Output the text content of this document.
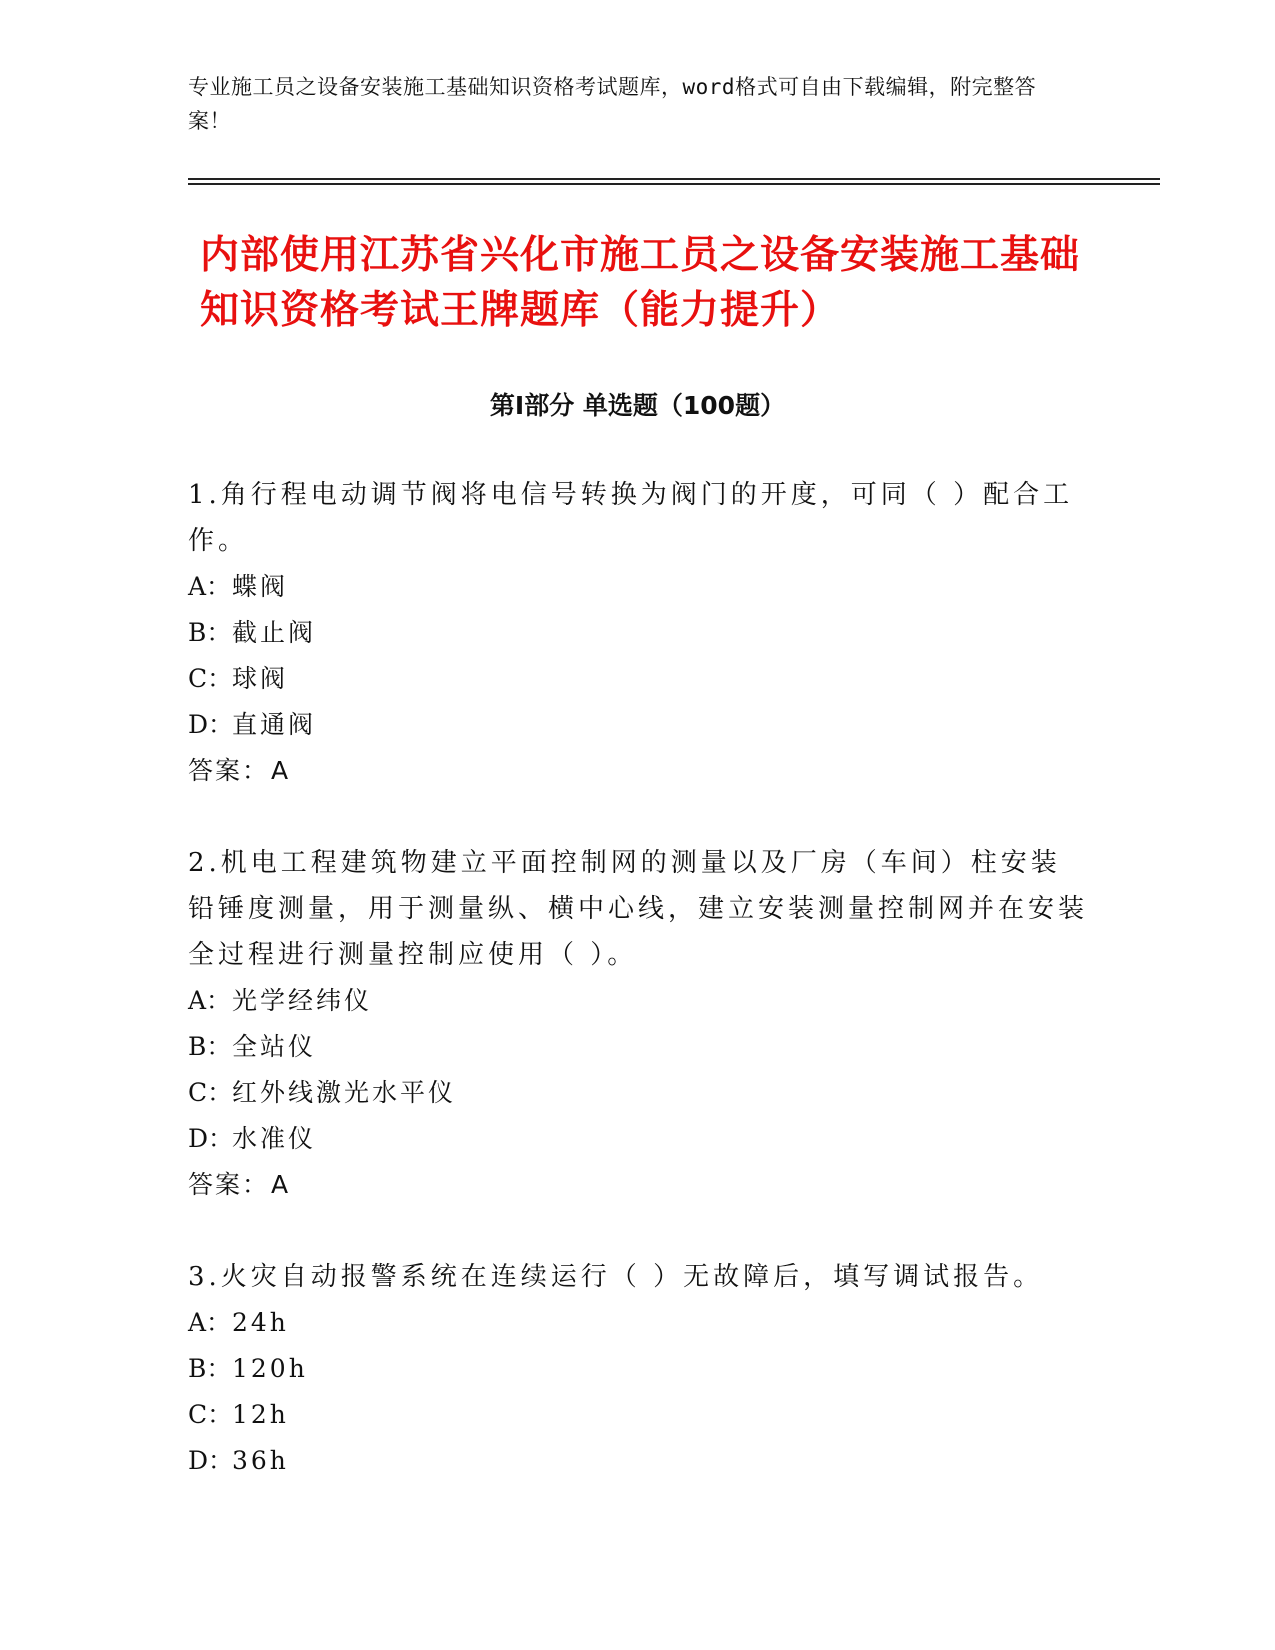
专业施工员之设备安装施工基础知识资格考试题库，word格式可自由下载编辑，附完整答案！
内部使用江苏省兴化市施工员之设备安装施工基础知识资格考试王牌题库（能力提升）
第Ⅰ部分 单选题（100题）

1.角行程电动调节阀将电信号转换为阀门的开度，可同（ ）配合工作。

A：蝶阀
B：截止阀
C：球阀
D：直通阀
答案：A

2.机电工程建筑物建立平面控制网的测量以及厂房（车间）柱安装铅锤度测量，用于测量纵、横中心线，建立安装测量控制网并在安装全过程进行测量控制应使用（ ）。

A：光学经纬仪
B：全站仪
C：红外线激光水平仪
D：水准仪
答案：A

3.火灾自动报警系统在连续运行（ ）无故障后，填写调试报告。

A：24h
B：120h
C：12h
D：36h
